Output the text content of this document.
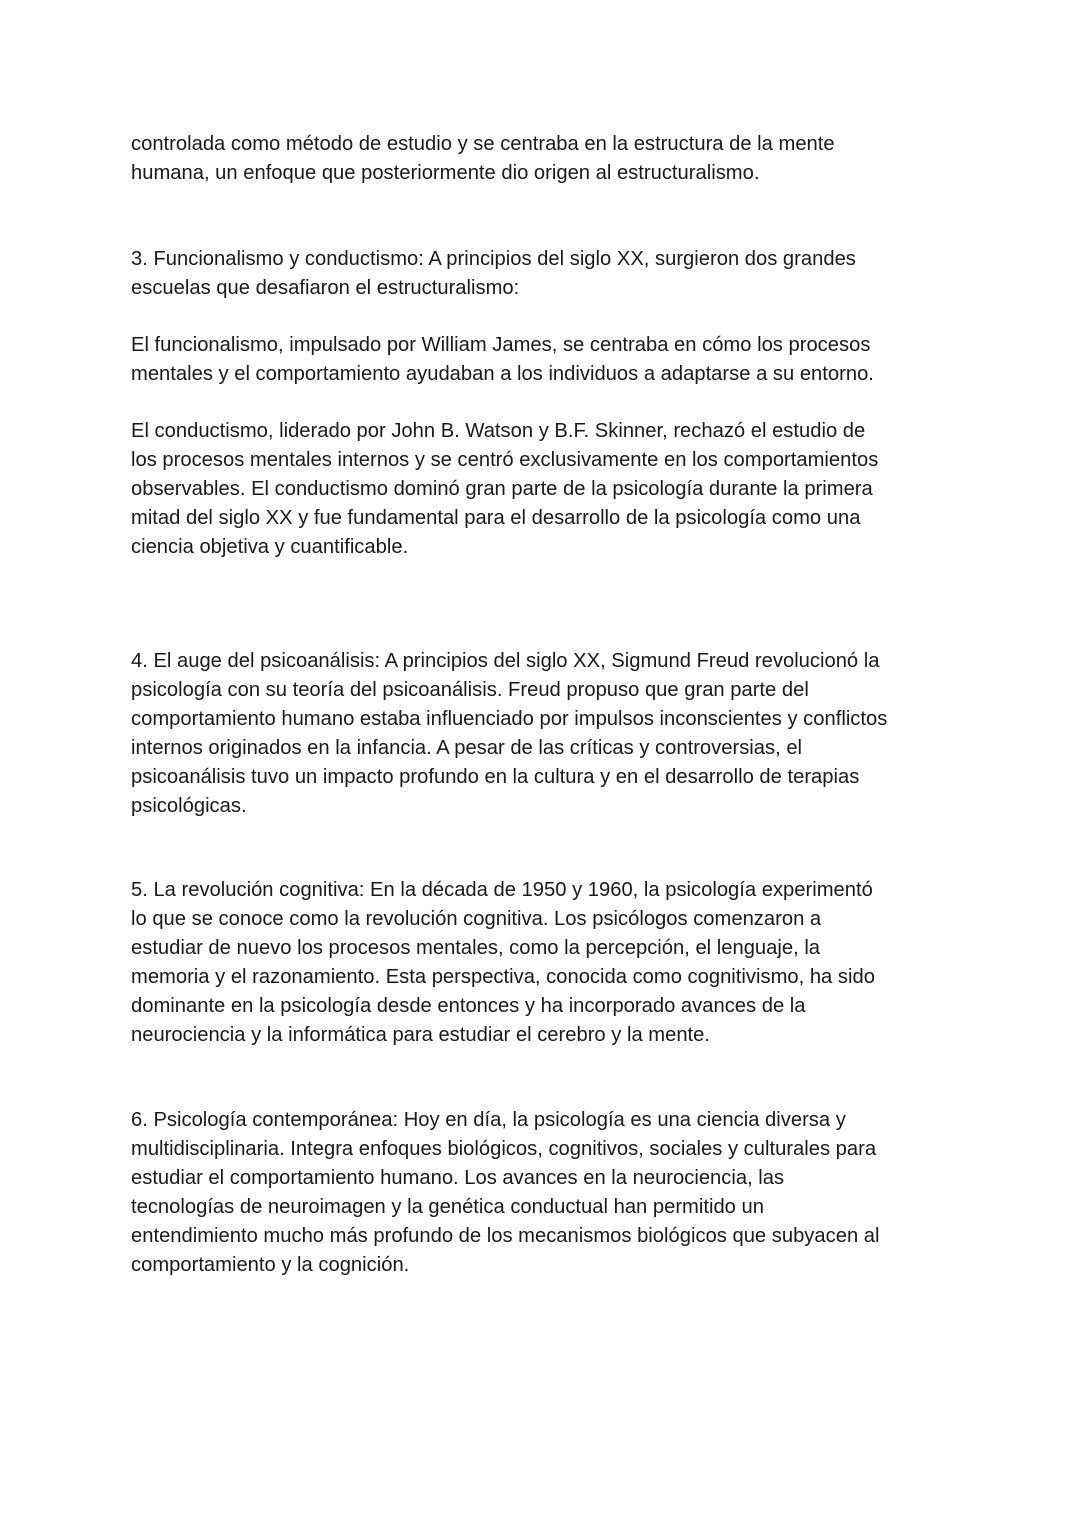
controlada como método de estudio y se centraba en la estructura de la mente
humana, un enfoque que posteriormente dio origen al estructuralismo.

3. Funcionalismo y conductismo: A principios del siglo XX, surgieron dos grandes
escuelas que desafiaron el estructuralismo:

El funcionalismo, impulsado por William James, se centraba en cómo los procesos
mentales y el comportamiento ayudaban a los individuos a adaptarse a su entorno.

El conductismo, liderado por John B. Watson y B.F. Skinner, rechazó el estudio de
los procesos mentales internos y se centró exclusivamente en los comportamientos
observables. El conductismo dominó gran parte de la psicología durante la primera
mitad del siglo XX y fue fundamental para el desarrollo de la psicología como una
ciencia objetiva y cuantificable.

4. El auge del psicoanálisis: A principios del siglo XX, Sigmund Freud revolucionó la
psicología con su teoría del psicoanálisis. Freud propuso que gran parte del
comportamiento humano estaba influenciado por impulsos inconscientes y conflictos
internos originados en la infancia. A pesar de las críticas y controversias, el
psicoanálisis tuvo un impacto profundo en la cultura y en el desarrollo de terapias
psicológicas.

5. La revolución cognitiva: En la década de 1950 y 1960, la psicología experimentó
lo que se conoce como la revolución cognitiva. Los psicólogos comenzaron a
estudiar de nuevo los procesos mentales, como la percepción, el lenguaje, la
memoria y el razonamiento. Esta perspectiva, conocida como cognitivismo, ha sido
dominante en la psicología desde entonces y ha incorporado avances de la
neurociencia y la informática para estudiar el cerebro y la mente.

6. Psicología contemporánea: Hoy en día, la psicología es una ciencia diversa y
multidisciplinaria. Integra enfoques biológicos, cognitivos, sociales y culturales para
estudiar el comportamiento humano. Los avances en la neurociencia, las
tecnologías de neuroimagen y la genética conductual han permitido un
entendimiento mucho más profundo de los mecanismos biológicos que subyacen al
comportamiento y la cognición.
